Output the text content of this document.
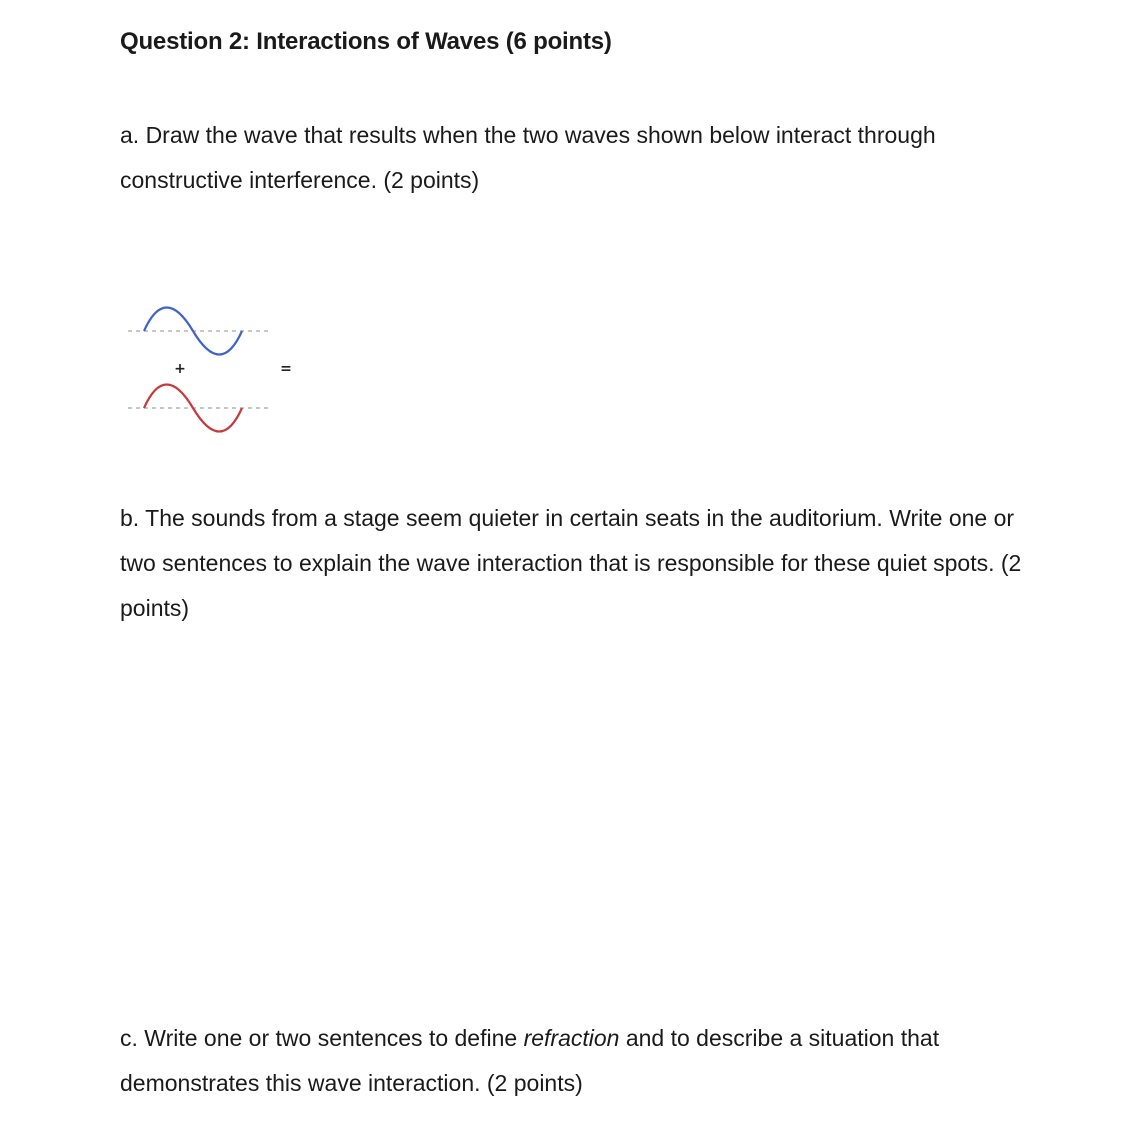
Question 2: Interactions of Waves (6 points)

a. Draw the wave that results when the two waves shown below interact through constructive interference. (2 points)

+	=

b. The sounds from a stage seem quieter in certain seats in the auditorium. Write one or two sentences to explain the wave interaction that is responsible for these quiet spots. (2 points)

c. Write one or two sentences to define refraction and to describe a situation that demonstrates this wave interaction. (2 points)
